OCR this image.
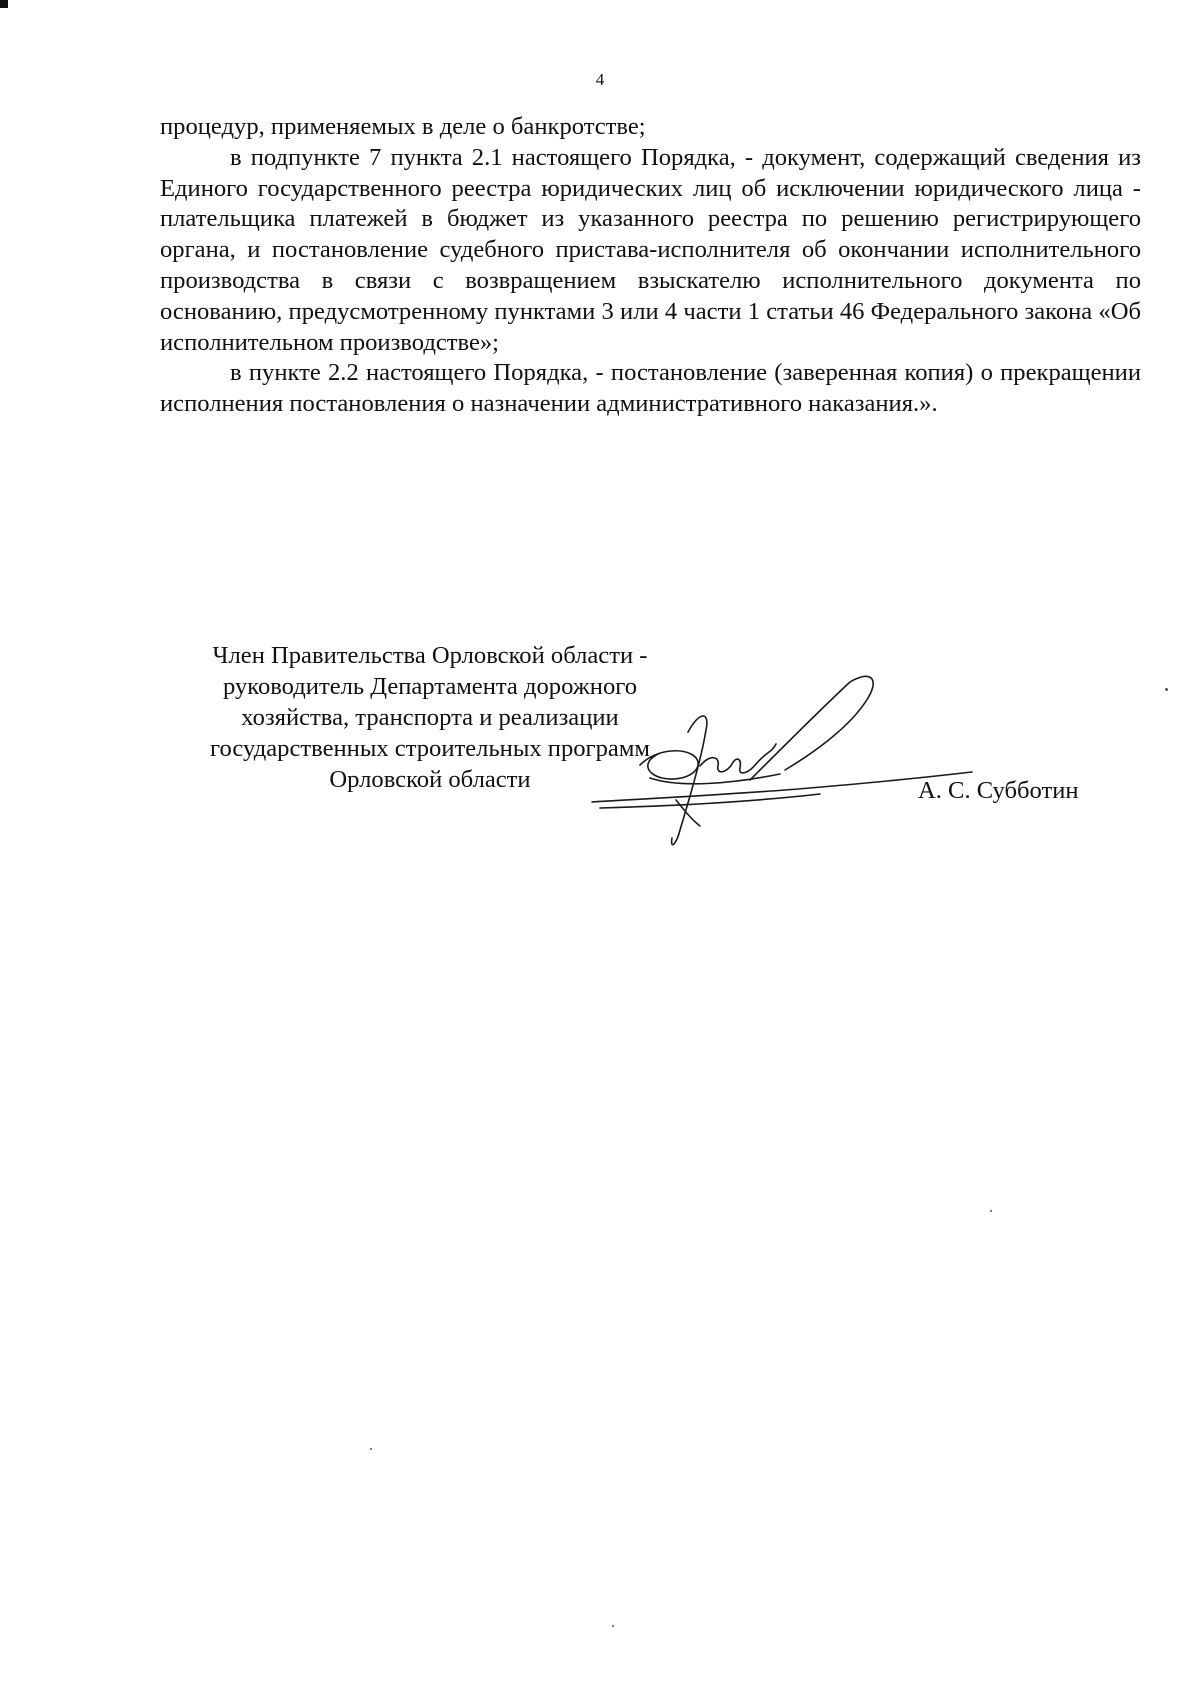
4

процедур, применяемых в деле о банкротстве;

в подпункте 7 пункта 2.1 настоящего Порядка, - документ, содержащий сведения из Единого государственного реестра юридических лиц об исключении юридического лица - плательщика платежей в бюджет из указанного реестра по решению регистрирующего органа, и постановление судебного пристава-исполнителя об окончании исполнительного производства в связи с возвращением взыскателю исполнительного документа по основанию, предусмотренному пунктами 3 или 4 части 1 статьи 46 Федерального закона «Об исполнительном производстве»;

в пункте 2.2 настоящего Порядка, - постановление (заверенная копия) о прекращении исполнения постановления о назначении административного наказания.».

Член Правительства Орловской области -
руководитель Департамента дорожного
хозяйства, транспорта и реализации
государственных строительных программ
Орловской области	А. С. Субботин
